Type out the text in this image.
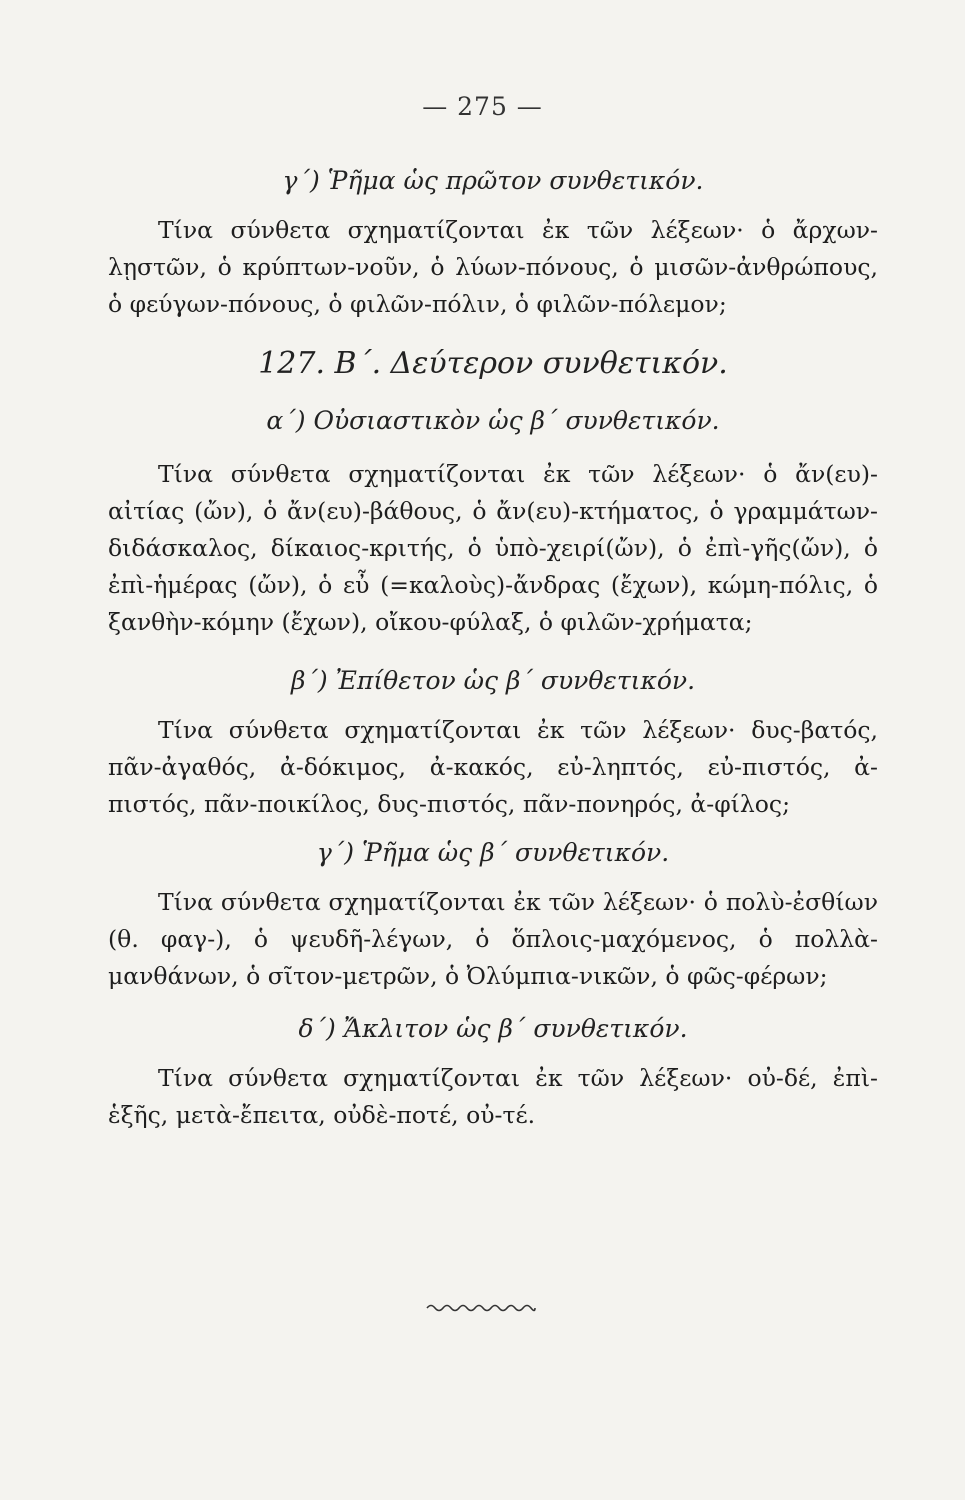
— 275 —
γ΄) Ῥῆμα ὡς πρῶτον συνθετικόν.
Τίνα σύνθετα σχηματίζονται ἐκ τῶν λέξεων· ὁ ἄρχων-λῃστῶν, ὁ κρύπτων-νοῦν, ὁ λύων-πόνους, ὁ μισῶν-ἀνθρώπους, ὁ φεύγων-πόνους, ὁ φιλῶν-πόλιν, ὁ φιλῶν-πόλεμον;
127. Β΄. Δεύτερον συνθετικόν.
α΄) Οὐσιαστικὸν ὡς β΄ συνθετικόν.
Τίνα σύνθετα σχηματίζονται ἐκ τῶν λέξεων· ὁ ἄν(ευ)-αἰτίας (ὤν), ὁ ἄν(ευ)-βάθους, ὁ ἄν(ευ)-κτήματος, ὁ γραμμάτων-διδάσκαλος, δίκαιος-κριτής, ὁ ὑπὸ-χειρί(ὤν), ὁ ἐπὶ-γῆς(ὤν), ὁ ἐπὶ-ἡμέρας (ὤν), ὁ εὖ (=καλοὺς)-ἄνδρας (ἔχων), κώμη-πόλις, ὁ ξανθὴν-κόμην (ἔχων), οἴκου-φύλαξ, ὁ φιλῶν-χρήματα;
β΄) Ἐπίθετον ὡς β΄ συνθετικόν.
Τίνα σύνθετα σχηματίζονται ἐκ τῶν λέξεων· δυς-βατός, πᾶν-ἀγαθός, ἀ-δόκιμος, ἀ-κακός, εὐ-ληπτός, εὐ-πιστός, ἀ-πιστός, πᾶν-ποικίλος, δυς-πιστός, πᾶν-πονηρός, ἀ-φίλος;
γ΄) Ῥῆμα ὡς β΄ συνθετικόν.
Τίνα σύνθετα σχηματίζονται ἐκ τῶν λέξεων· ὁ πολὺ-ἐσθίων (θ. φαγ-), ὁ ψευδῆ-λέγων, ὁ ὅπλοις-μαχόμενος, ὁ πολλὰ-μανθάνων, ὁ σῖτον-μετρῶν, ὁ Ὀλύμπια-νικῶν, ὁ φῶς-φέρων;
δ΄) Ἄκλιτον ὡς β΄ συνθετικόν.
Τίνα σύνθετα σχηματίζονται ἐκ τῶν λέξεων· οὐ-δέ, ἐπὶ-ἑξῆς, μετὰ-ἔπειτα, οὐδὲ-ποτέ, οὐ-τέ.
